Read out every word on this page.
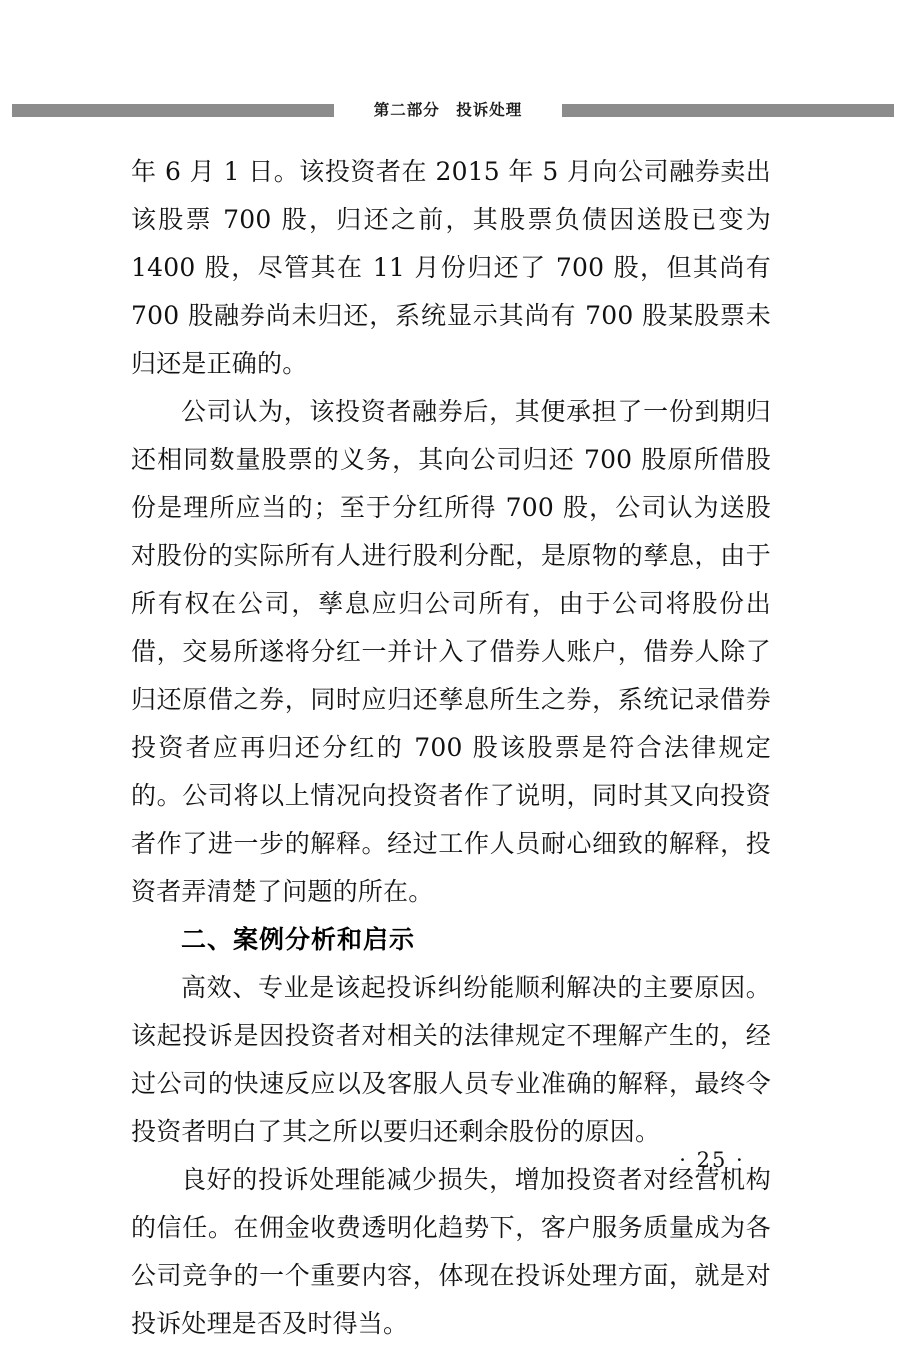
第二部分　投诉处理

年 6 月 1 日。该投资者在 2015 年 5 月向公司融券卖出该股票 700 股，归还之前，其股票负债因送股已变为 1400 股，尽管其在 11 月份归还了 700 股，但其尚有 700 股融券尚未归还，系统显示其尚有 700 股某股票未归还是正确的。

公司认为，该投资者融券后，其便承担了一份到期归还相同数量股票的义务，其向公司归还 700 股原所借股份是理所应当的；至于分红所得 700 股，公司认为送股对股份的实际所有人进行股利分配，是原物的孳息，由于所有权在公司，孳息应归公司所有，由于公司将股份出借，交易所遂将分红一并计入了借券人账户，借券人除了归还原借之券，同时应归还孳息所生之券，系统记录借券投资者应再归还分红的 700 股该股票是符合法律规定的。公司将以上情况向投资者作了说明，同时其又向投资者作了进一步的解释。经过工作人员耐心细致的解释，投资者弄清楚了问题的所在。

二、案例分析和启示

高效、专业是该起投诉纠纷能顺利解决的主要原因。该起投诉是因投资者对相关的法律规定不理解产生的，经过公司的快速反应以及客服人员专业准确的解释，最终令投资者明白了其之所以要归还剩余股份的原因。

良好的投诉处理能减少损失，增加投资者对经营机构的信任。在佣金收费透明化趋势下，客户服务质量成为各公司竞争的一个重要内容，体现在投诉处理方面，就是对投诉处理是否及时得当。

· 25 ·
